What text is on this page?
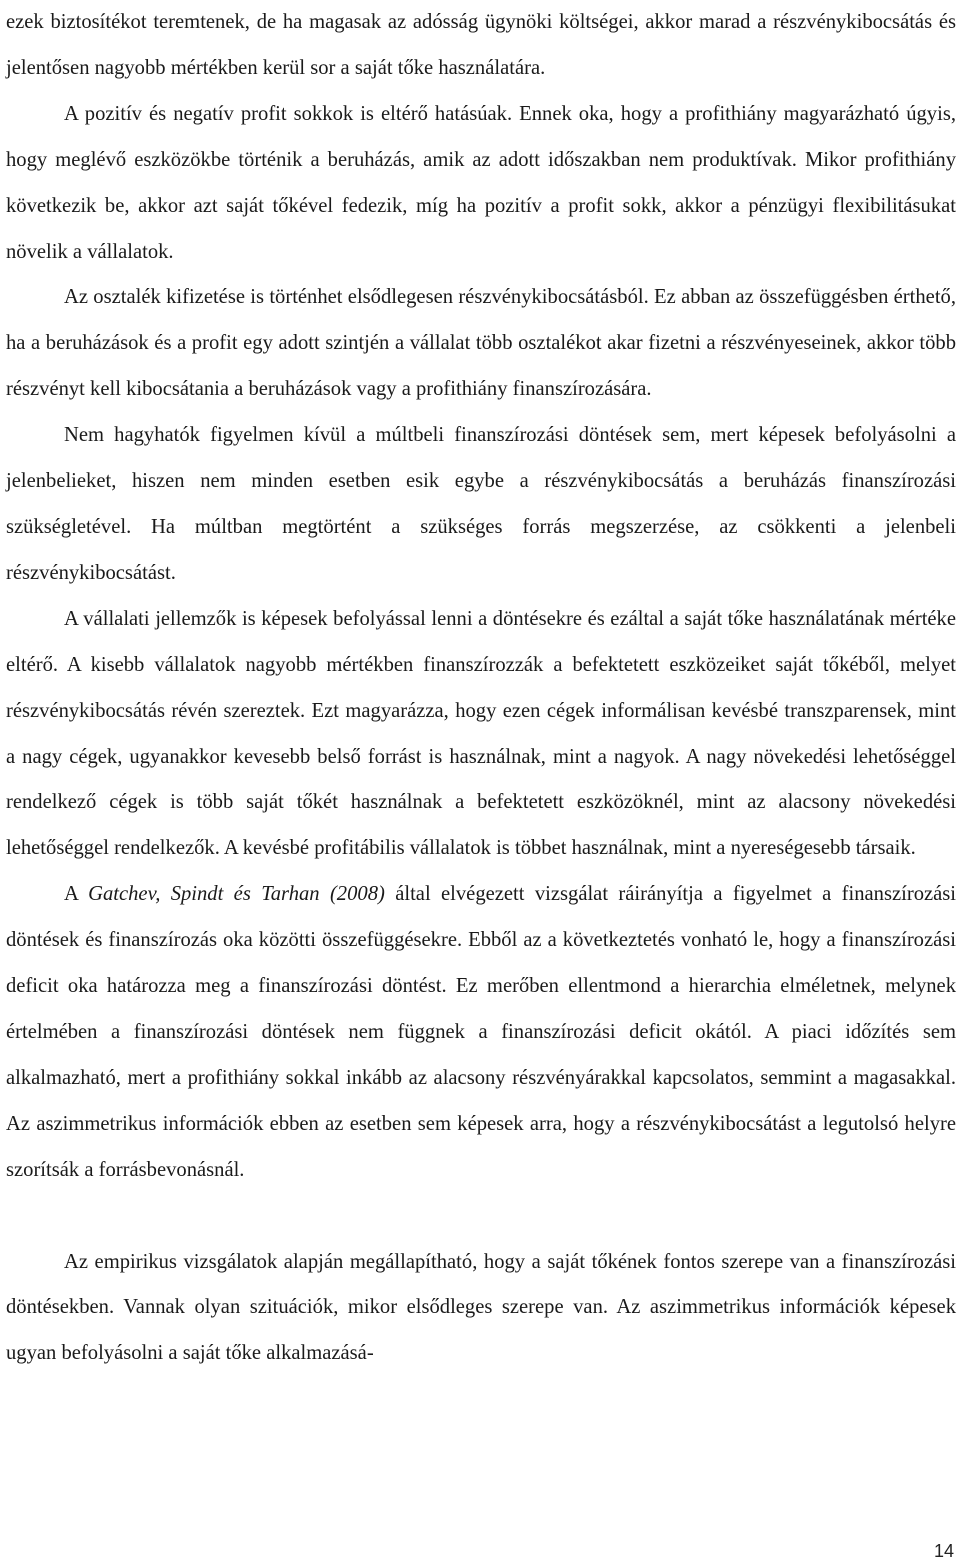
ezek biztosítékot teremtenek, de ha magasak az adósság ügynöki költségei, akkor marad a részvénykibocsátás és jelentősen nagyobb mértékben kerül sor a saját tőke használatára.

A pozitív és negatív profit sokkok is eltérő hatásúak. Ennek oka, hogy a profithiány magyarázható úgyis, hogy meglévő eszközökbe történik a beruházás, amik az adott időszakban nem produktívak. Mikor profithiány következik be, akkor azt saját tőkével fedezik, míg ha pozitív a profit sokk, akkor a pénzügyi flexibilitásukat növelik a vállalatok.

Az osztalék kifizetése is történhet elsődlegesen részvénykibocsátásból. Ez abban az összefüggésben érthető, ha a beruházások és a profit egy adott szintjén a vállalat több osztalékot akar fizetni a részvényeseinek, akkor több részvényt kell kibocsátania a beruházások vagy a profithiány finanszírozására.

Nem hagyhatók figyelmen kívül a múltbeli finanszírozási döntések sem, mert képesek befolyásolni a jelenbelieket, hiszen nem minden esetben esik egybe a részvénykibocsátás a beruházás finanszírozási szükségletével. Ha múltban megtörtént a szükséges forrás megszerzése, az csökkenti a jelenbeli részvénykibocsátást.

A vállalati jellemzők is képesek befolyással lenni a döntésekre és ezáltal a saját tőke használatának mértéke eltérő. A kisebb vállalatok nagyobb mértékben finanszírozzák a befektetett eszközeiket saját tőkéből, melyet részvénykibocsátás révén szereztek. Ezt magyarázza, hogy ezen cégek informálisan kevésbé transzparensek, mint a nagy cégek, ugyanakkor kevesebb belső forrást is használnak, mint a nagyok. A nagy növekedési lehetőséggel rendelkező cégek is több saját tőkét használnak a befektetett eszközöknél, mint az alacsony növekedési lehetőséggel rendelkezők. A kevésbé profitábilis vállalatok is többet használnak, mint a nyereségesebb társaik.

A Gatchev, Spindt és Tarhan (2008) által elvégezett vizsgálat ráirányítja a figyelmet a finanszírozási döntések és finanszírozás oka közötti összefüggésekre. Ebből az a következtetés vonható le, hogy a finanszírozási deficit oka határozza meg a finanszírozási döntést. Ez merőben ellentmond a hierarchia elméletnek, melynek értelmében a finanszírozási döntések nem függnek a finanszírozási deficit okától. A piaci időzítés sem alkalmazható, mert a profithiány sokkal inkább az alacsony részvényárakkal kapcsolatos, semmint a magasakkal. Az aszimmetrikus információk ebben az esetben sem képesek arra, hogy a részvénykibocsátást a legutolsó helyre szorítsák a forrásbevonásnál.

Az empirikus vizsgálatok alapján megállapítható, hogy a saját tőkének fontos szerepe van a finanszírozási döntésekben. Vannak olyan szituációk, mikor elsődleges szerepe van. Az aszimmetrikus információk képesek ugyan befolyásolni a saját tőke alkalmazásá-

14
